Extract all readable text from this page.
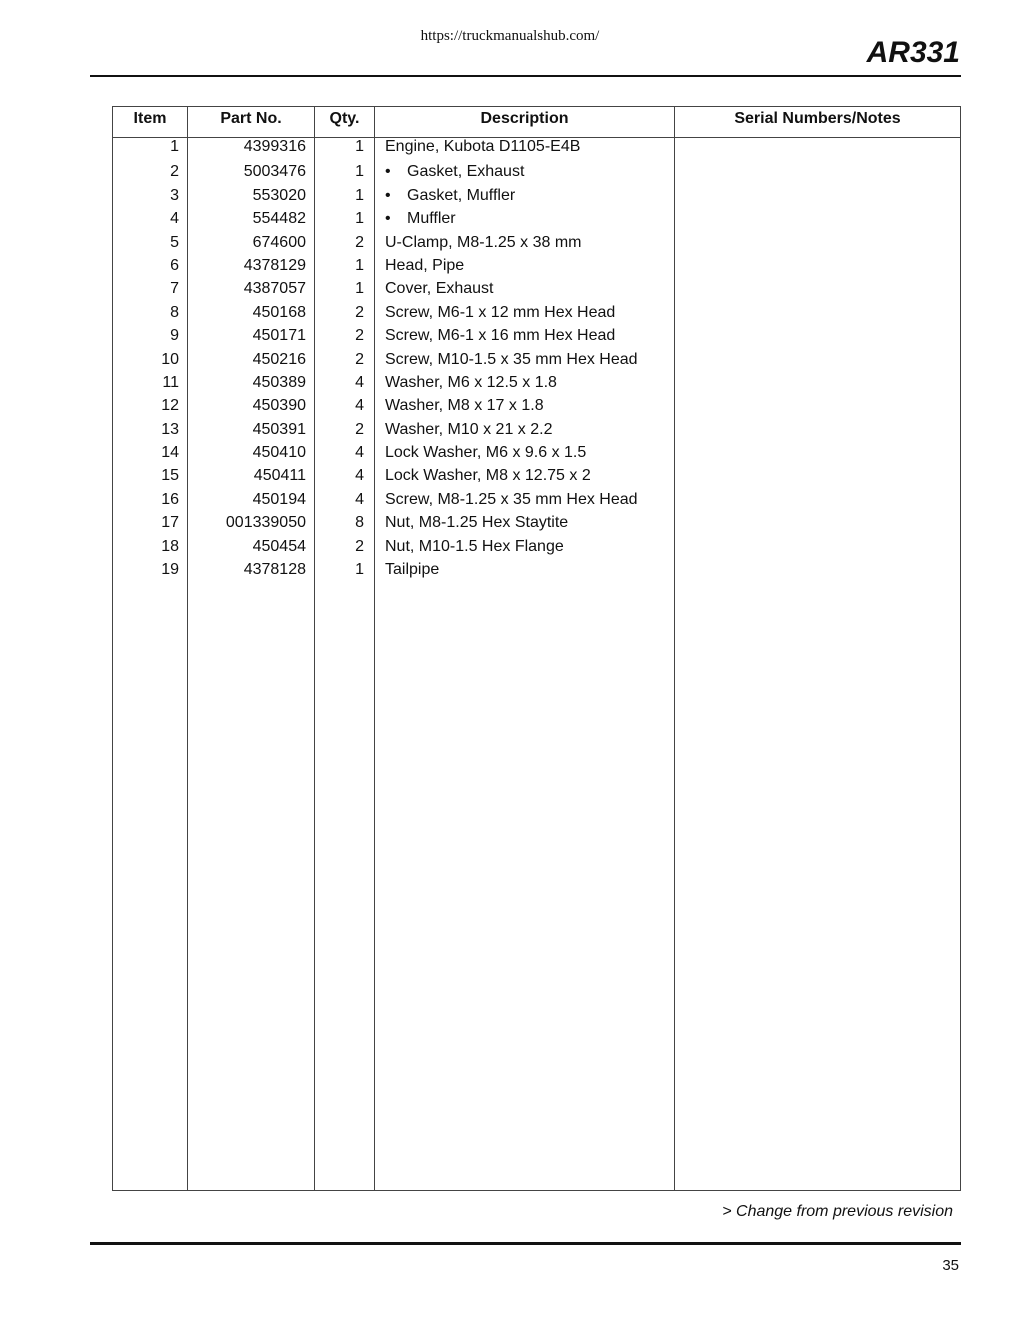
https://truckmanualshub.com/	AR331
Item	Part No.	Qty.	Description	Serial Numbers/Notes
1	4399316	1 Engine, Kubota D1105-E4B
2	5003476	1 • Gasket, Exhaust
3	553020	1 • Gasket, Muffler
4	554482	1 • Muffler
5	674600	2 U-Clamp, M8-1.25 x 38 mm
6	4378129	1 Head, Pipe
7	4387057	1 Cover, Exhaust
8	450168	2 Screw, M6-1 x 12 mm Hex Head
9	450171	2 Screw, M6-1 x 16 mm Hex Head
10	450216	2 Screw, M10-1.5 x 35 mm Hex Head
11	450389	4 Washer, M6 x 12.5 x 1.8
12	450390	4 Washer, M8 x 17 x 1.8
13	450391	2 Washer, M10 x 21 x 2.2
14	450410	4 Lock Washer, M6 x 9.6 x 1.5
15	450411	4 Lock Washer, M8 x 12.75 x 2
16	450194	4 Screw, M8-1.25 x 35 mm Hex Head
17	001339050	8 Nut, M8-1.25 Hex Staytite
18	450454	2 Nut, M10-1.5 Hex Flange
19	4378128	1 Tailpipe
> Change from previous revision
35
